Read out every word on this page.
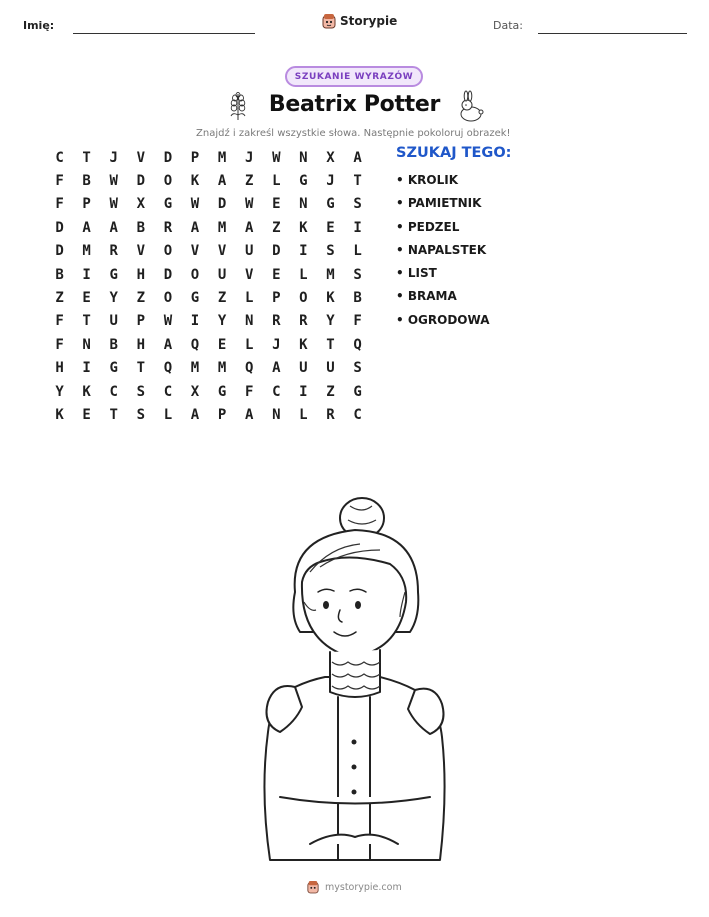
Imię:	Storypie	Data:
SZUKANIE WYRAZÓW
Beatrix Potter
Znajdź i zakreśl wszystkie słowa. Następnie pokoloruj obrazek!
C	T	J	V	D	P	M	J	W	N	X	A
F	B	W	D	O	K	A	Z	L	G	J	T
F	P	W	X	G	W	D	W	E	N	G	S
D	A	A	B	R	A	M	A	Z	K	E	I
D	M	R	V	O	V	V	U	D	I	S	L
B	I	G	H	D	O	U	V	E	L	M	S
Z	E	Y	Z	O	G	Z	L	P	O	K	B
F	T	U	P	W	I	Y	N	R	R	Y	F
F	N	B	H	A	Q	E	L	J	K	T	Q
H	I	G	T	Q	M	M	Q	A	U	U	S
Y	K	C	S	C	X	G	F	C	I	Z	G
K	E	T	S	L	A	P	A	N	L	R	C
SZUKAJ TEGO:
• KROLIK
• PAMIETNIK
• PEDZEL
• NAPALSTEK
• LIST
• BRAMA
• OGRODOWA
mystorypie.com
